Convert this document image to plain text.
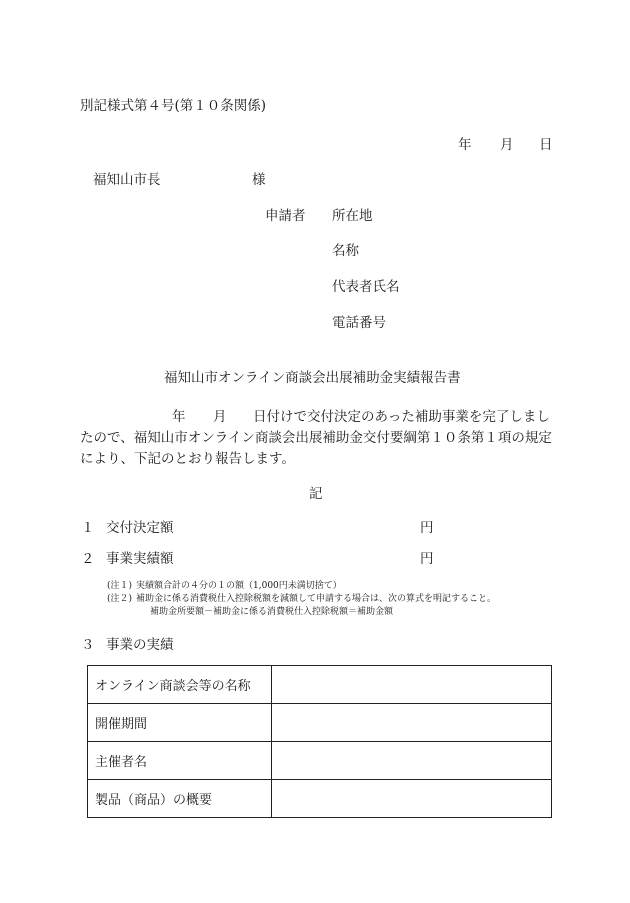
別記様式第４号(第１０条関係)
年 月 日
福知山市長	様
申請者 所在地
名称
代表者氏名
電話番号
福知山市オンライン商談会出展補助金実績報告書
年 月 日付けで交付決定のあった補助事業を完了しまし
たので、福知山市オンライン商談会出展補助金交付要綱第１０条第１項の規定
により、下記のとおり報告します。
記
１ 交付決定額	円
２ 事業実績額	円
(注１) 実績額合計の４分の１の額（1,000円未満切捨て）
(注２) 補助金に係る消費税仕入控除税額を減額して申請する場合は、次の算式を明記すること。
補助金所要額－補助金に係る消費税仕入控除税額＝補助金額
３ 事業の実績
オンライン商談会等の名称	
開催期間	
主催者名	
製品（商品）の概要	
